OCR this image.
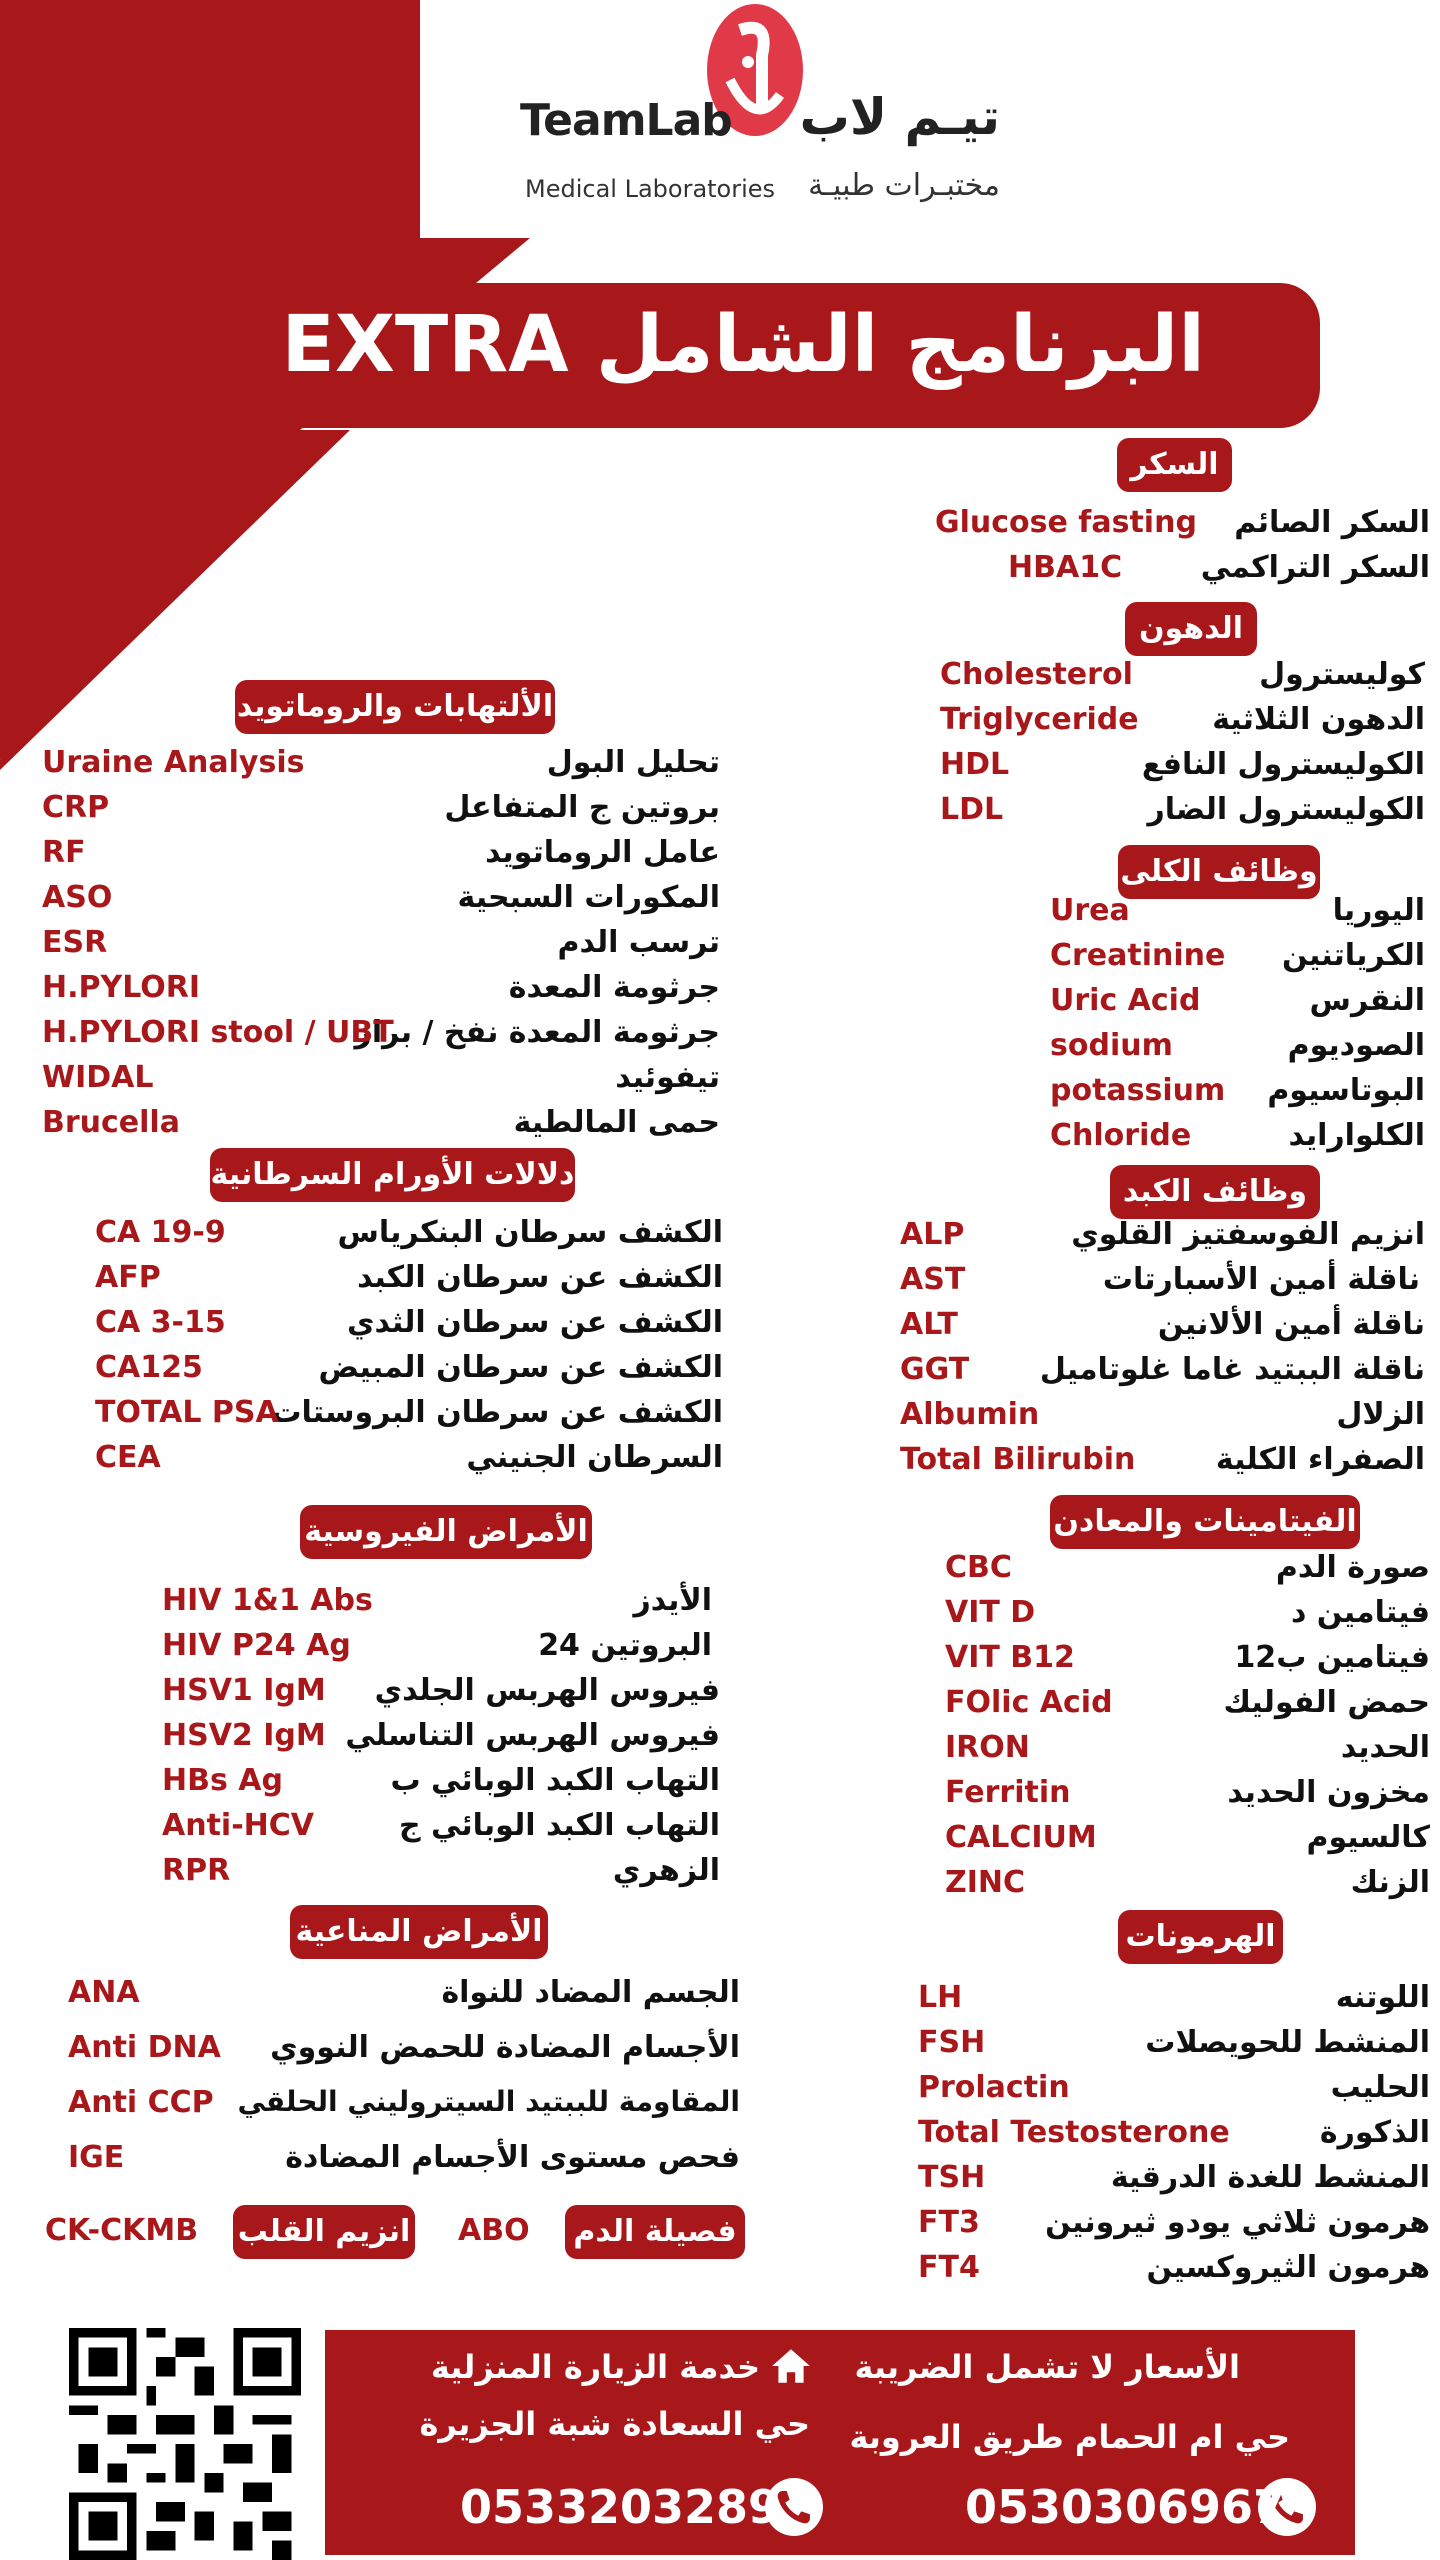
TeamLab تيـم لاب
Medical Laboratories مختبـرات طبيـة
البرنامج الشامل EXTRA
السكر
السكر الصائم
Glucose fasting
السكر التراكمي
HBA1C
الدهون
كوليسترول
Cholesterol
الدهون الثلاثية
Triglyceride
الكوليسترول النافع
HDL
الكوليسترول الضار
LDL
وظائف الكلى
اليوريا
Urea
الكرياتنين
Creatinine
النقرس
Uric Acid
الصوديوم
sodium
البوتاسيوم
potassium
الكلوارايد
Chloride
وظائف الكبد
انزيم الفوسفتيز القلوي
ALP
ناقلة أمين الأسبارتات
AST
ناقلة أمين الألانين
ALT
ناقلة الببتيد غاما غلوتاميل
GGT
الزلال
Albumin
الصفراء الكلية
Total Bilirubin
الفيتامينات والمعادن
صورة الدم
CBC
فيتامين د
VIT D
فيتامين ب12
VIT B12
حمض الفوليك
FOlic Acid
الحديد
IRON
مخزون الحديد
Ferritin
كالسيوم
CALCIUM
الزنك
ZINC
الهرمونات
اللوتنه
LH
المنشط للحويصلات
FSH
الحليب
Prolactin
الذكورة
Total Testosterone
المنشط للغدة الدرقية
TSH
هرمون ثلاثي يودو ثيرونين
FT3
هرمون الثيروكسين
FT4
الألتهابات والروماتويد
تحليل البول
Uraine Analysis
بروتين ج المتفاعل
CRP
عامل الروماتويد
RF
المكورات السبحية
ASO
ترسب الدم
ESR
جرثومة المعدة
H.PYLORI
جرثومة المعدة نفخ / براز
H.PYLORI stool / UBT
تيفوئيد
WIDAL
حمى المالطية
Brucella
دلالات الأورام السرطانية
الكشف سرطان البنكرياس
CA 19-9
الكشف عن سرطان الكبد
AFP
الكشف عن سرطان الثدي
CA 3-15
الكشف عن سرطان المبيض
CA125
الكشف عن سرطان البروستات
TOTAL PSA
السرطان الجنيني
CEA
الأمراض الفيروسية
الأيدز
HIV 1&1 Abs
البروتين 24
HIV P24 Ag
فيروس الهربس الجلدي
HSV1 IgM
فيروس الهربس التناسلي
HSV2 IgM
التهاب الكبد الوبائي ب
HBs Ag
التهاب الكبد الوبائي ج
Anti-HCV
الزهري
RPR
الأمراض المناعية
الجسم المضاد للنواة
ANA
الأجسام المضادة للحمض النووي
Anti DNA
المقاومة للببتيد السيتروليني الحلقي
Anti CCP
فحص مستوى الأجسام المضادة
IGE
فصيلة الدم
ABO
انزيم القلب
CK-CKMB
الأسعار لا تشمل الضريبة
خدمة الزيارة المنزلية
حي ام الحمام طريق العروبة
حي السعادة شبة الجزيرة
0530306967
0533203289
